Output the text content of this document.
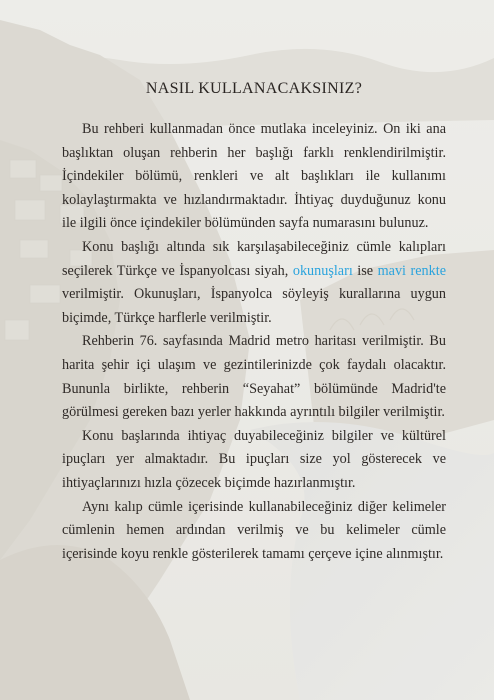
NASIL KULLANACAKSINIZ?

Bu rehberi kullanmadan önce mutlaka inceleyiniz. On iki ana başlıktan oluşan rehberin her başlığı farklı renklendirilmiştir. İçindekiler bölümü, renkleri ve alt başlıkları ile kullanımı kolaylaştırmakta ve hızlandırmaktadır. İhtiyaç duyduğunuz konu ile ilgili önce içindekiler bölümünden sayfa numarasını bulunuz.

Konu başlığı altında sık karşılaşabileceğiniz cümle kalıpları seçilerek Türkçe ve İspanyolcası siyah, okunuşları ise mavi renkte verilmiştir. Okunuşları, İspanyolca söyleyiş kurallarına uygun biçimde, Türkçe harflerle verilmiştir.

Rehberin 76. sayfasında Madrid metro haritası verilmiştir. Bu harita şehir içi ulaşım ve gezintilerinizde çok faydalı olacaktır. Bununla birlikte, rehberin “Seyahat” bölümünde Madrid'te görülmesi gereken bazı yerler hakkında ayrıntılı bilgiler verilmiştir.

Konu başlarında ihtiyaç duyabileceğiniz bilgiler ve kültürel ipuçları yer almaktadır. Bu ipuçları size yol gösterecek ve ihtiyaçlarınızı hızla çözecek biçimde hazırlanmıştır.

Aynı kalıp cümle içerisinde kullanabileceğiniz diğer kelimeler cümlenin hemen ardından verilmiş ve bu kelimeler cümle içerisinde koyu renkle gösterilerek tamamı çerçeve içine alınmıştır.
